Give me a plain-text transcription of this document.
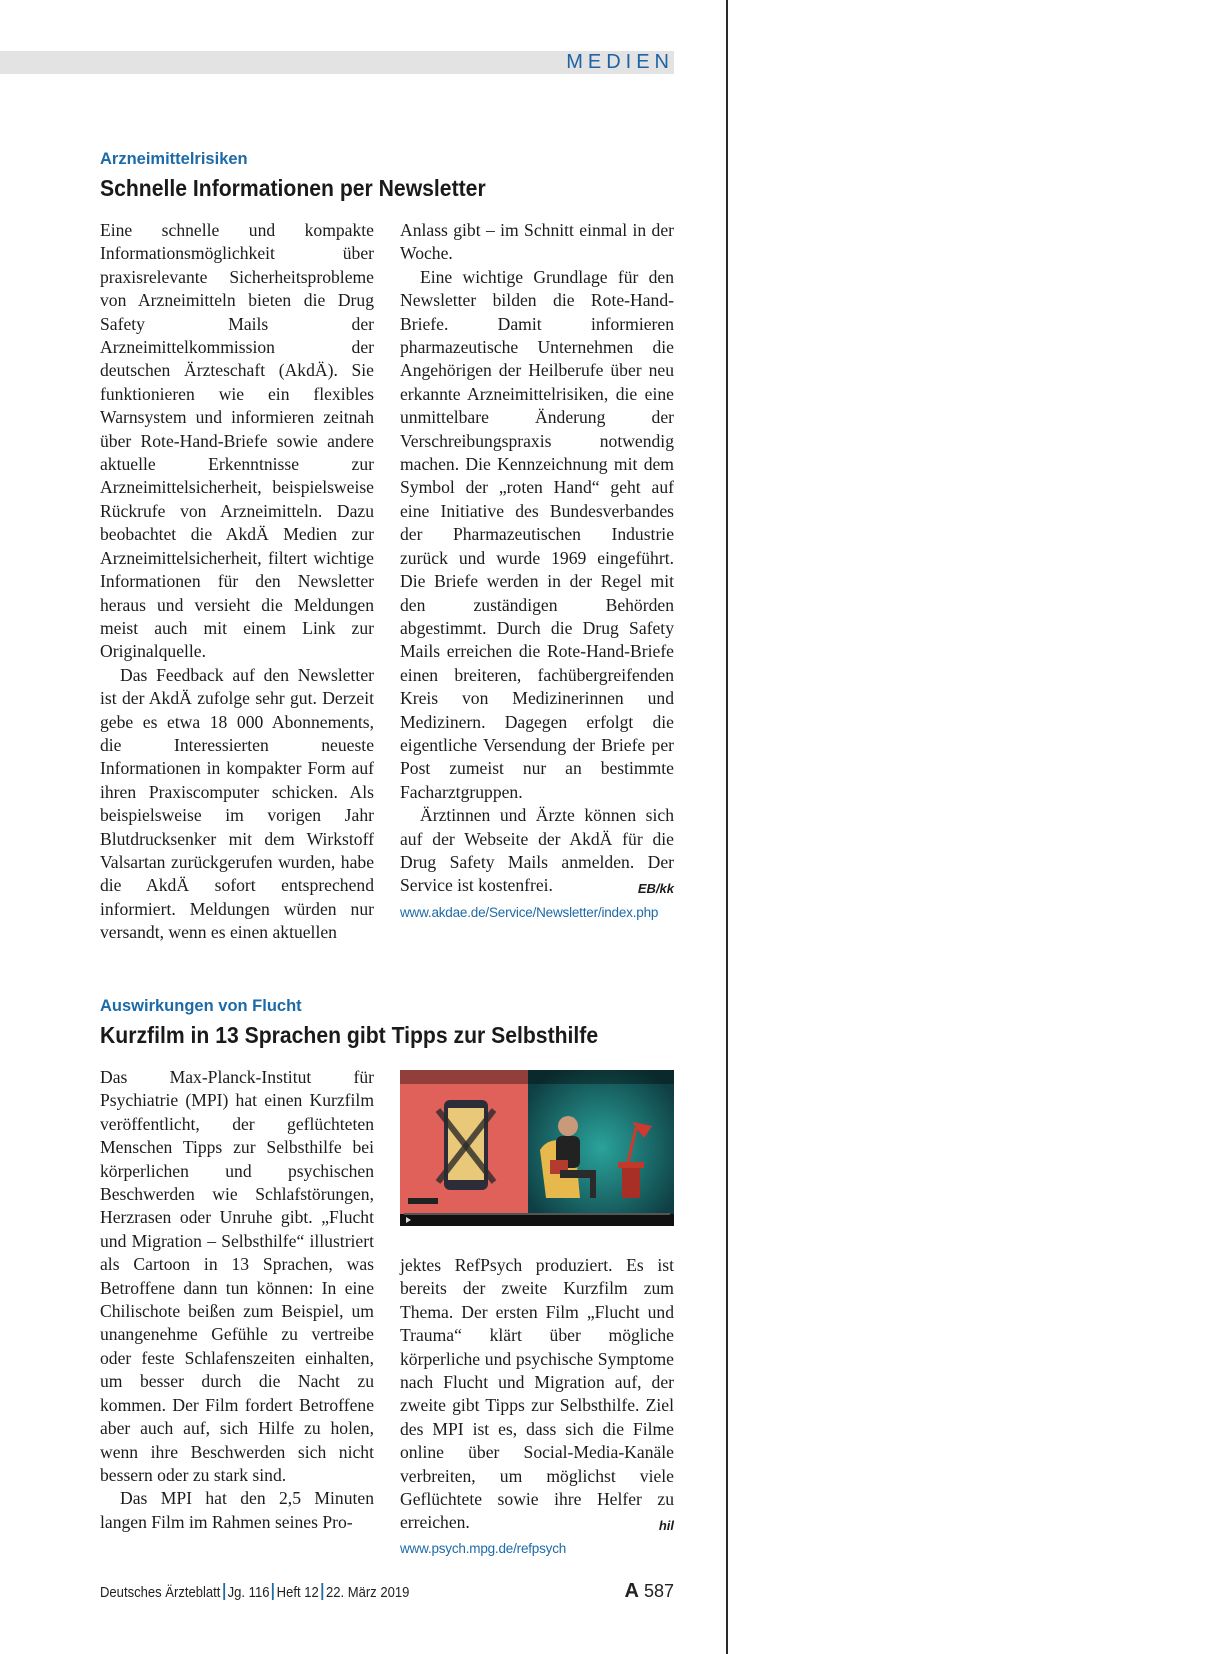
MEDIEN
Arzneimittelrisiken
Schnelle Informationen per Newsletter

Eine schnelle und kompakte Informationsmöglichkeit über praxisrelevante Sicherheitsprobleme von Arzneimitteln bieten die Drug Safety Mails der Arzneimittelkommission der deutschen Ärzteschaft (AkdÄ). Sie funktionieren wie ein flexibles Warnsystem und informieren zeitnah über Rote-Hand-Briefe sowie andere aktuelle Erkenntnisse zur Arzneimittelsicherheit, beispielsweise Rückrufe von Arzneimitteln. Dazu beobachtet die AkdÄ Medien zur Arzneimittelsicherheit, filtert wichtige Informationen für den Newsletter heraus und versieht die Meldungen meist auch mit einem Link zur Originalquelle.

Das Feedback auf den Newsletter ist der AkdÄ zufolge sehr gut. Derzeit gebe es etwa 18 000 Abonnements, die Interessierten neueste Informationen in kompakter Form auf ihren Praxiscomputer schicken. Als beispielsweise im vorigen Jahr Blutdrucksenker mit dem Wirkstoff Valsartan zurückgerufen wurden, habe die AkdÄ sofort entsprechend informiert. Meldungen würden nur versandt, wenn es einen aktuellen

Anlass gibt – im Schnitt einmal in der Woche.

Eine wichtige Grundlage für den Newsletter bilden die Rote-Hand-Briefe. Damit informieren pharmazeutische Unternehmen die Angehörigen der Heilberufe über neu erkannte Arzneimittelrisiken, die eine unmittelbare Änderung der Verschreibungspraxis notwendig machen. Die Kennzeichnung mit dem Symbol der „roten Hand“ geht auf eine Initiative des Bundesverbandes der Pharmazeutischen Industrie zurück und wurde 1969 eingeführt. Die Briefe werden in der Regel mit den zuständigen Behörden abgestimmt. Durch die Drug Safety Mails erreichen die Rote-Hand-Briefe einen breiteren, fachübergreifenden Kreis von Medizinerinnen und Medizinern. Dagegen erfolgt die eigentliche Versendung der Briefe per Post zumeist nur an bestimmte Facharztgruppen.

Ärztinnen und Ärzte können sich auf der Webseite der AkdÄ für die Drug Safety Mails anmelden. Der Service ist kostenfrei.	EB/kk

www.akdae.de/Service/Newsletter/index.php
Auswirkungen von Flucht
Kurzfilm in 13 Sprachen gibt Tipps zur Selbsthilfe

Das Max-Planck-Institut für Psychiatrie (MPI) hat einen Kurzfilm veröffentlicht, der geflüchteten Menschen Tipps zur Selbsthilfe bei körperlichen und psychischen Beschwerden wie Schlafstörungen, Herzrasen oder Unruhe gibt. „Flucht und Migration – Selbsthilfe“ illustriert als Cartoon in 13 Sprachen, was Betroffene dann tun können: In eine Chilischote beißen zum Beispiel, um unangenehme Gefühle zu vertreibe oder feste Schlafenszeiten einhalten, um besser durch die Nacht zu kommen. Der Film fordert Betroffene aber auch auf, sich Hilfe zu holen, wenn ihre Beschwerden sich nicht bessern oder zu stark sind.

Das MPI hat den 2,5 Minuten langen Film im Rahmen seines Pro-

jektes RefPsych produziert. Es ist bereits der zweite Kurzfilm zum Thema. Der ersten Film „Flucht und Trauma“ klärt über mögliche körperliche und psychische Symptome nach Flucht und Migration auf, der zweite gibt Tipps zur Selbsthilfe. Ziel des MPI ist es, dass sich die Filme online über Social-Media-Kanäle verbreiten, um möglichst viele Geflüchtete sowie ihre Helfer zu erreichen.	hil

www.psych.mpg.de/refpsych
Deutsches Ärzteblatt Jg. 116 Heft 12 22. März 2019	A 587
